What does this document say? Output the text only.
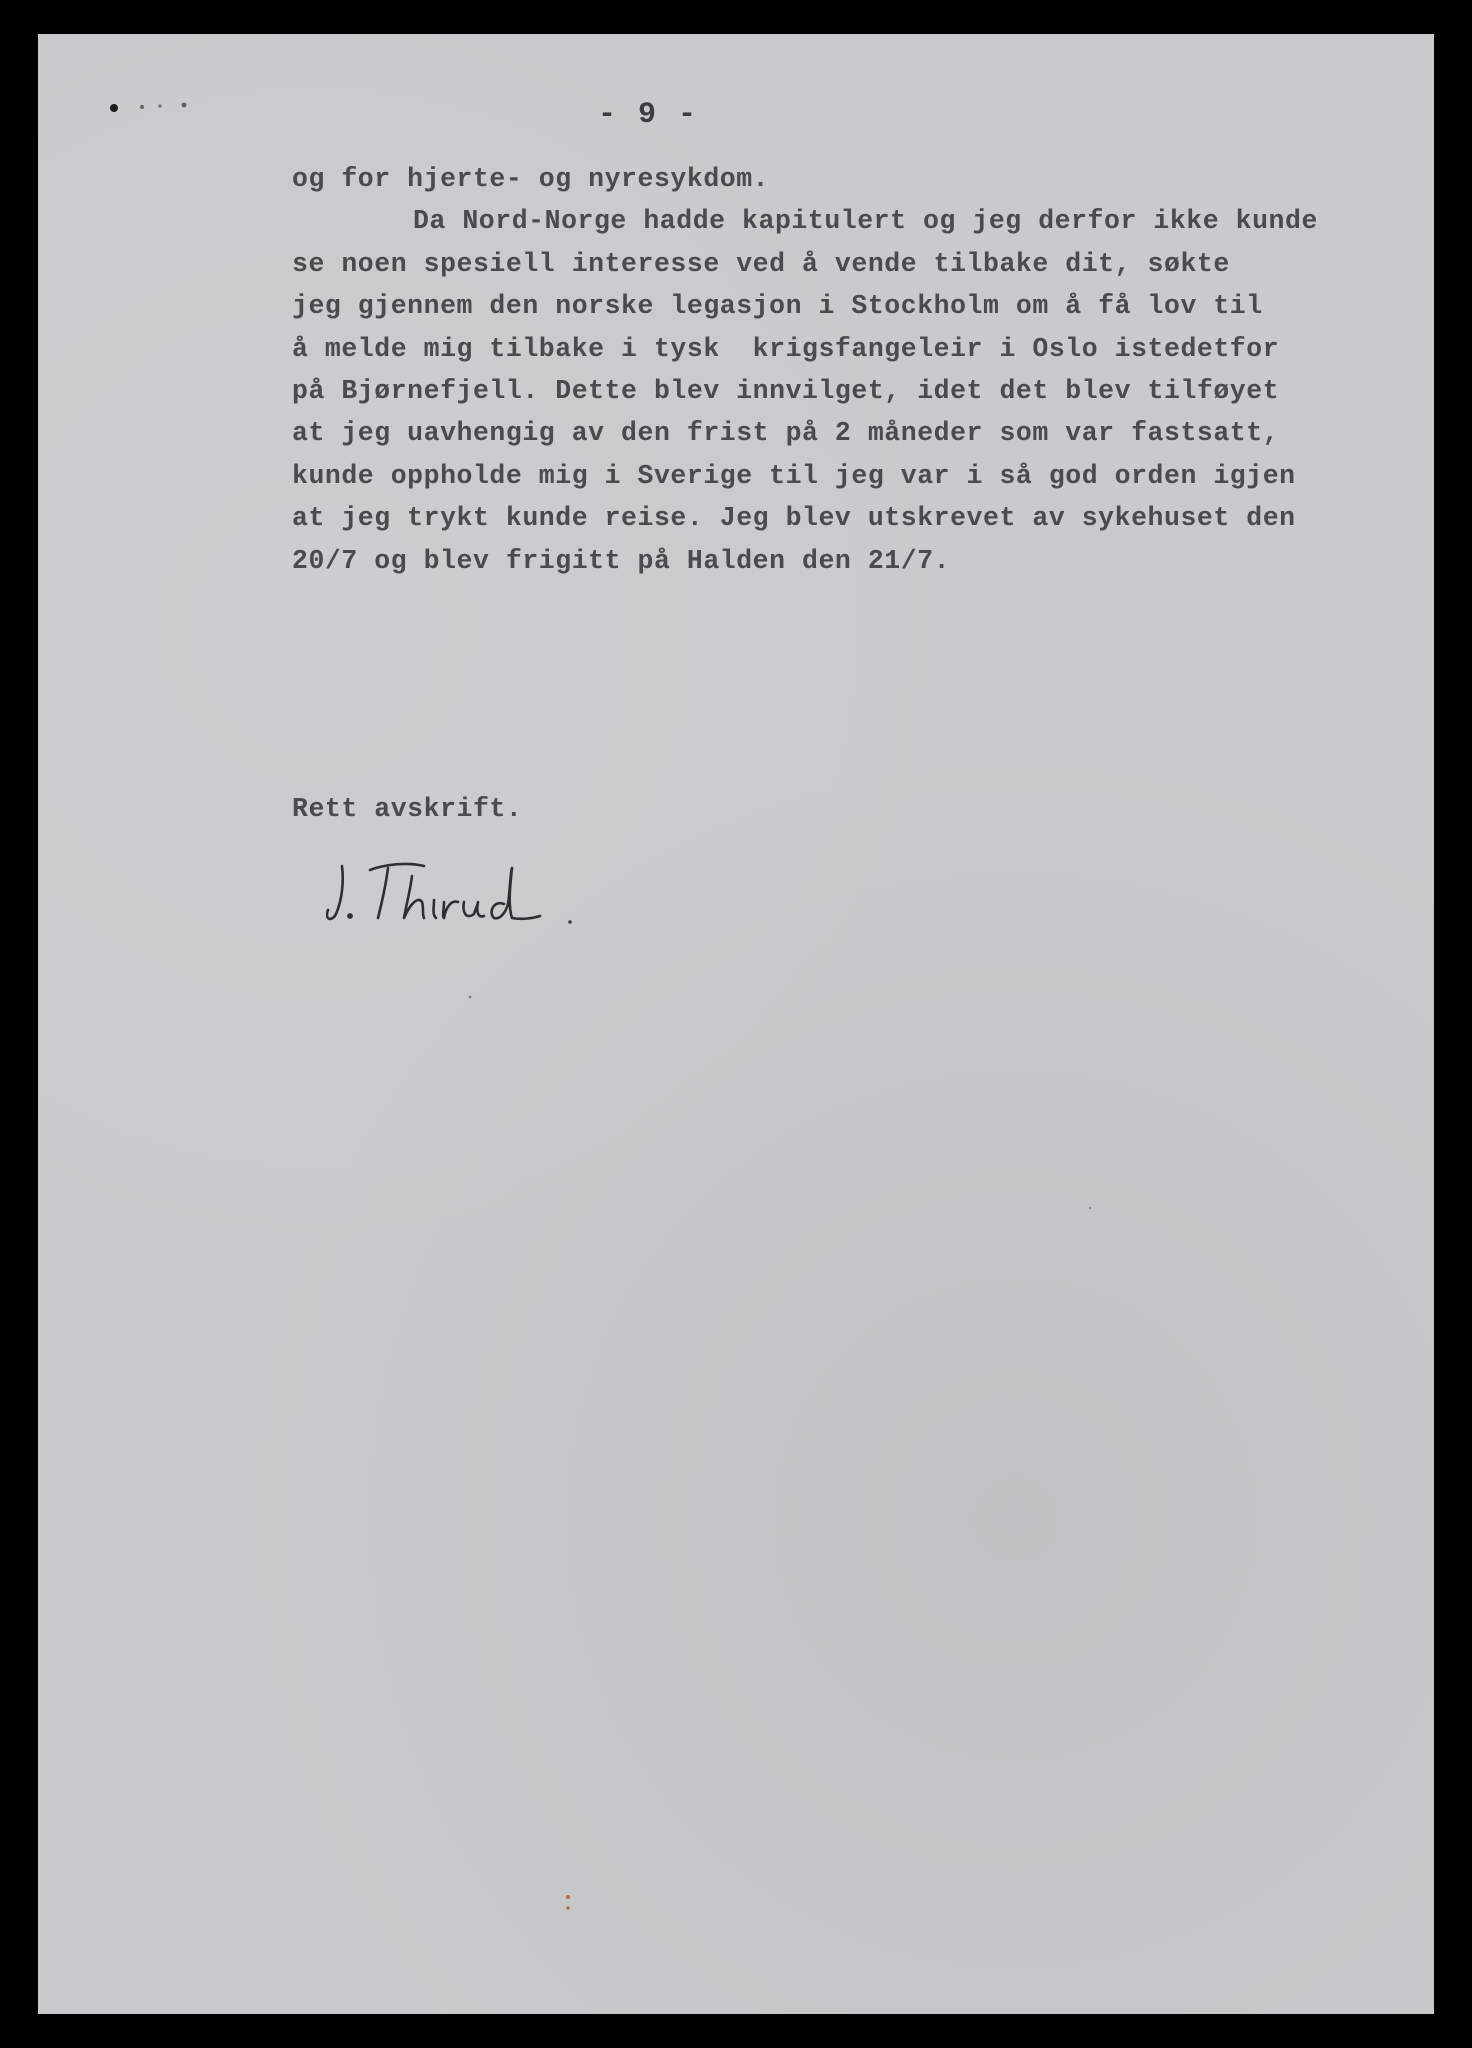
- 9 -
og for hjerte- og nyresykdom.
Da Nord-Norge hadde kapitulert og jeg derfor ikke kunde
se noen spesiell interesse ved å vende tilbake dit, søkte
jeg gjennem den norske legasjon i Stockholm om å få lov til
å melde mig tilbake i tysk  krigsfangeleir i Oslo istedetfor
på Bjørnefjell. Dette blev innvilget, idet det blev tilføyet
at jeg uavhengig av den frist på 2 måneder som var fastsatt,
kunde oppholde mig i Sverige til jeg var i så god orden igjen
at jeg trykt kunde reise. Jeg blev utskrevet av sykehuset den
20/7 og blev frigitt på Halden den 21/7.
Rett avskrift.
